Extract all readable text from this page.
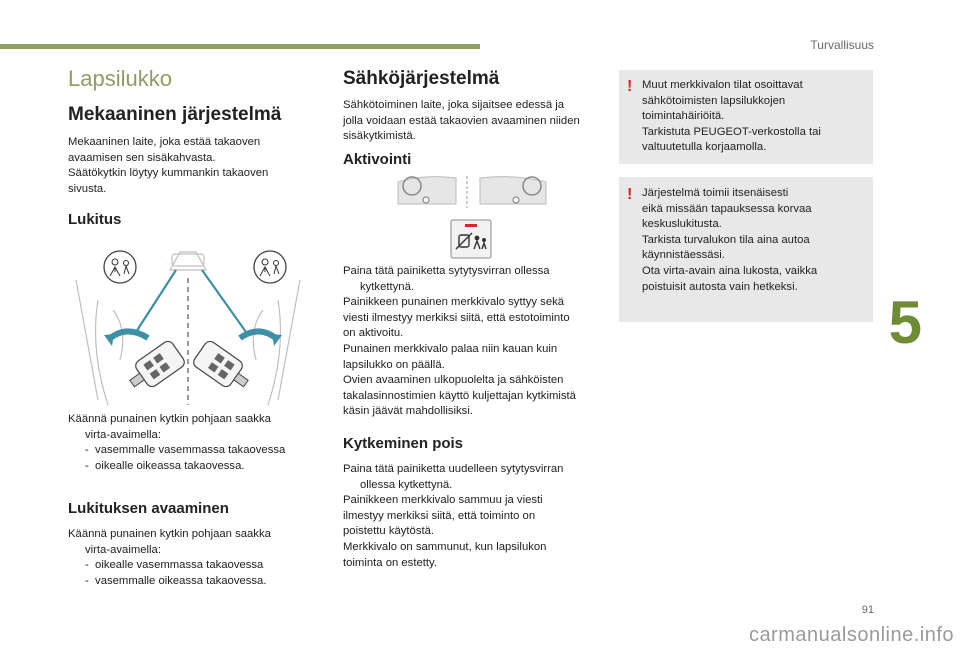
Turvallisuus
5
91
carmanualsonline.info
Lapsilukko
Mekaaninen järjestelmä
Mekaaninen laite, joka estää takaoven
avaamisen sen sisäkahvasta.
Säätökytkin löytyy kummankin takaoven
sivusta.
Lukitus
Käännä punainen kytkin pohjaan saakka
virta-avaimella:
- vasemmalle vasemmassa takaovessa
- oikealle oikeassa takaovessa.
Lukituksen avaaminen
Käännä punainen kytkin pohjaan saakka
virta-avaimella:
- oikealle vasemmassa takaovessa
- vasemmalle oikeassa takaovessa.
Sähköjärjestelmä
Sähkötoiminen laite, joka sijaitsee edessä ja
jolla voidaan estää takaovien avaaminen niiden
sisäkytkimistä.
Aktivointi
Paina tätä painiketta sytytysvirran ollessa
kytkettynä.
Painikkeen punainen merkkivalo syttyy sekä
viesti ilmestyy merkiksi siitä, että estotoiminto
on aktivoitu.
Punainen merkkivalo palaa niin kauan kuin
lapsilukko on päällä.
Ovien avaaminen ulkopuolelta ja sähköisten
takalasinnostimien käyttö kuljettajan kytkimistä
käsin jäävät mahdollisiksi.
Kytkeminen pois
Paina tätä painiketta uudelleen sytytysvirran
ollessa kytkettynä.
Painikkeen merkkivalo sammuu ja viesti
ilmestyy merkiksi siitä, että toiminto on
poistettu käytöstä.
Merkkivalo on sammunut, kun lapsilukon
toiminta on estetty.
! Muut merkkivalon tilat osoittavat
sähkötoimisten lapsilukkojen
toimintahäiriöitä.
Tarkistuta PEUGEOT-verkostolla tai
valtuutetulla korjaamolla.
! Järjestelmä toimii itsenäisesti
eikä missään tapauksessa korvaa
keskuslukitusta.
Tarkista turvalukon tila aina autoa
käynnistäessäsi.
Ota virta-avain aina lukosta, vaikka
poistuisit autosta vain hetkeksi.
